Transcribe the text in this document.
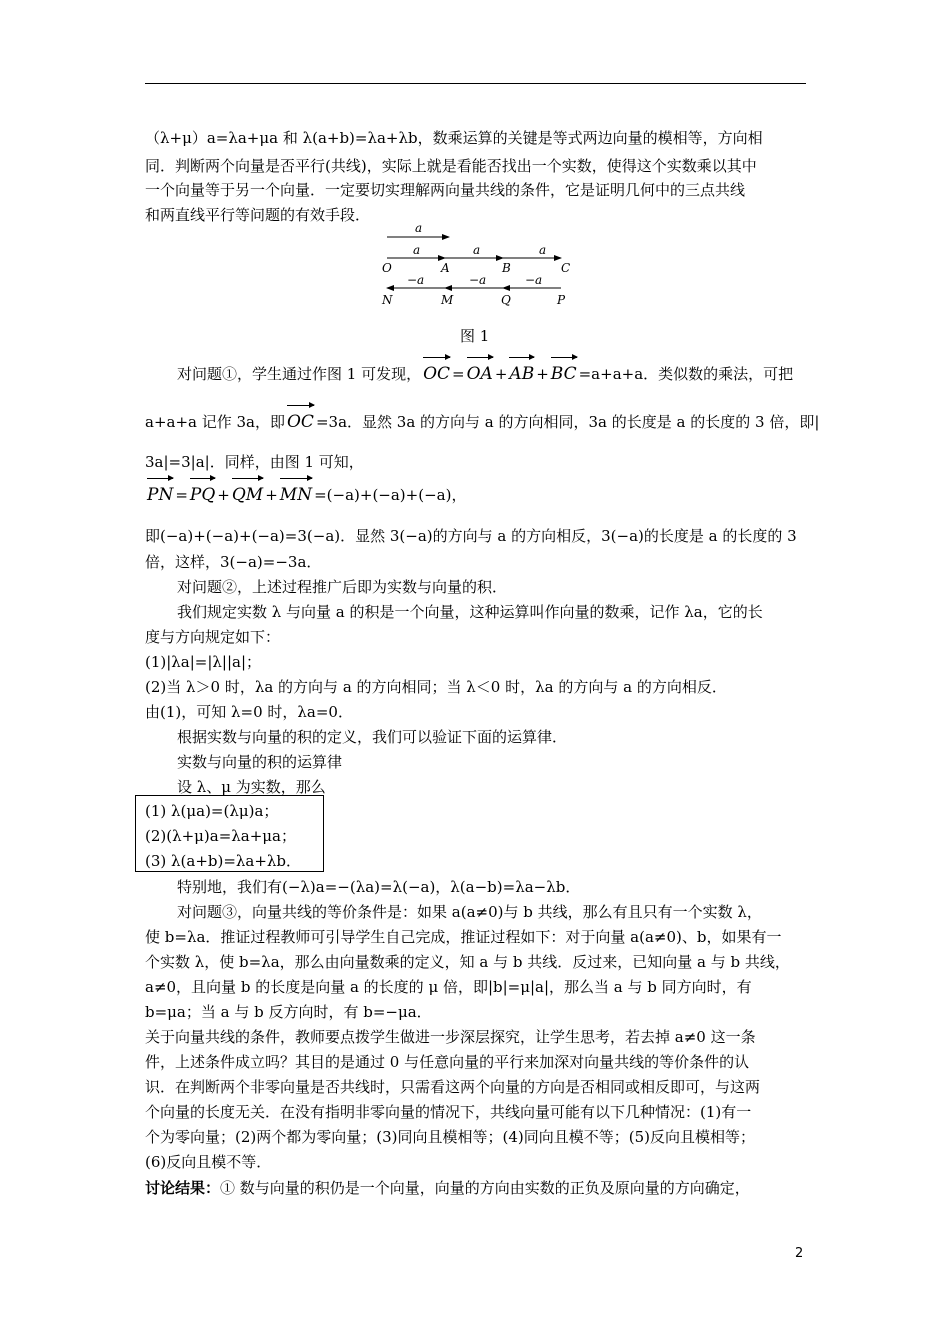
（λ+μ）a=λa+μa 和 λ(a+b)=λa+λb，数乘运算的关键是等式两边向量的模相等，方向相
同．判断两个向量是否平行(共线)，实际上就是看能否找出一个实数，使得这个实数乘以其中
一个向量等于另一个向量．一定要切实理解两向量共线的条件，它是证明几何中的三点共线
和两直线平行等问题的有效手段．
a
a	a	a
O	A	B	C
−a	−a	−a
N	M	Q	P
图 1
对问题①，学生通过作图 1 可发现， OC = OA + AB + BC =a+a+a．类似数的乘法，可把
a+a+a 记作 3a，即 OC =3a．显然 3a 的方向与 a 的方向相同，3a 的长度是 a 的长度的 3 倍，即|
3a|=3|a|．同样，由图 1 可知，
PN = PQ + QM + MN =(−a)+(−a)+(−a)，
即(−a)+(−a)+(−a)=3(−a)．显然 3(−a)的方向与 a 的方向相反，3(−a)的长度是 a 的长度的 3
倍，这样，3(−a)=−3a．
对问题②，上述过程推广后即为实数与向量的积．
我们规定实数 λ 与向量 a 的积是一个向量，这种运算叫作向量的数乘，记作 λa，它的长
度与方向规定如下：
(1)|λa|=|λ||a|；
(2)当 λ＞0 时，λa 的方向与 a 的方向相同；当 λ＜0 时，λa 的方向与 a 的方向相反．
由(1)，可知 λ=0 时，λa=0．
根据实数与向量的积的定义，我们可以验证下面的运算律．
实数与向量的积的运算律
设 λ、μ 为实数，那么
(1) λ(μa)=(λμ)a；
(2)(λ+μ)a=λa+μa；
(3) λ(a+b)=λa+λb．
特别地，我们有(−λ)a=−(λa)=λ(−a)，λ(a−b)=λa−λb．
对问题③，向量共线的等价条件是：如果 a(a≠0)与 b 共线，那么有且只有一个实数 λ，
使 b=λa．推证过程教师可引导学生自己完成，推证过程如下：对于向量 a(a≠0)、b，如果有一
个实数 λ，使 b=λa，那么由向量数乘的定义，知 a 与 b 共线．反过来，已知向量 a 与 b 共线，
a≠0，且向量 b 的长度是向量 a 的长度的 μ 倍，即|b|=μ|a|，那么当 a 与 b 同方向时，有
b=μa；当 a 与 b 反方向时，有 b=−μa．
关于向量共线的条件，教师要点拨学生做进一步深层探究，让学生思考，若去掉 a≠0 这一条
件，上述条件成立吗？其目的是通过 0 与任意向量的平行来加深对向量共线的等价条件的认
识．在判断两个非零向量是否共线时，只需看这两个向量的方向是否相同或相反即可，与这两
个向量的长度无关．在没有指明非零向量的情况下，共线向量可能有以下几种情况：(1)有一
个为零向量；(2)两个都为零向量；(3)同向且模相等；(4)同向且模不等；(5)反向且模相等；
(6)反向且模不等．
讨论结果：① 数与向量的积仍是一个向量，向量的方向由实数的正负及原向量的方向确定，
2
